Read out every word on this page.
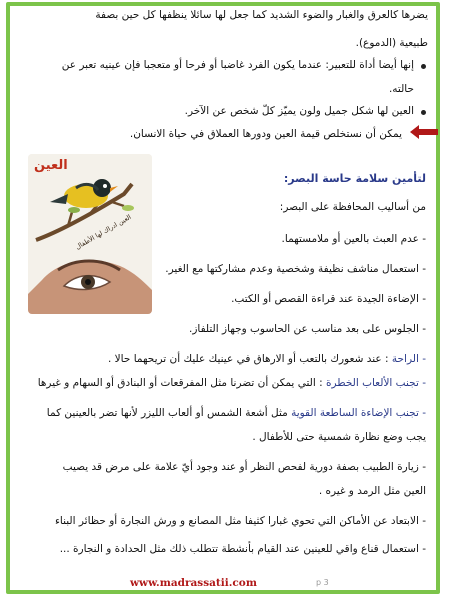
يضرها كالعرق والغبار والضوء الشديد كما جعل لها سائلا ينظفها كل حين بصفة
طبيعية (الدموع).
إنها أيضا أداة للتعبير: عندما يكون الفرد غاضبا أو فرحا أو متعجبا فإن عينيه تعبر عن
حالته.
العين لها شكل جميل ولون يميّز كلّ شخص عن الآخر.
يمكن أن نستخلص قيمة العين ودورها العملاق في حياة الانسان.
لتأمين سلامة حاسة البصر:
من أساليب المحافظة على البصر:
العين
العين ادراك لها الأطفال	- عدم العبث بالعين أو ملامستهما.
- استعمال مناشف نظيفة وشخصية وعدم مشاركتها مع الغير.
- الإضاءة الجيدة عند قراءة القصص أو الكتب.
- الجلوس على بعد مناسب عن الحاسوب وجهاز التلفاز.
- الراحة : عند شعورك بالتعب أو الارهاق في عينيك عليك أن تريحهما حالا .
- تجنب الألعاب الخطرة : التي يمكن أن تضرنا مثل المفرقعات أو البنادق أو السهام و غيرها
- تجنب الإضاءة الساطعة القوية مثل أشعة الشمس أو ألعاب الليزر لأنها تضر بالعينين كما
يجب وضع نظارة شمسية حتى للأطفال .
- زيارة الطبيب بصفة دورية لفحص النظر أو عند وجود أيّ علامة على مرض قد يصيب
العين مثل الرمد و غيره .
- الابتعاد عن الأماكن التي تحوي غبارا كثيفا مثل المصانع و ورش النجارة أو حظائر البناء
- استعمال قناع واقي للعينين عند القيام بأنشطة تتطلب ذلك مثل الحدادة و النجارة ...
www.madrassatii.com	p 3
